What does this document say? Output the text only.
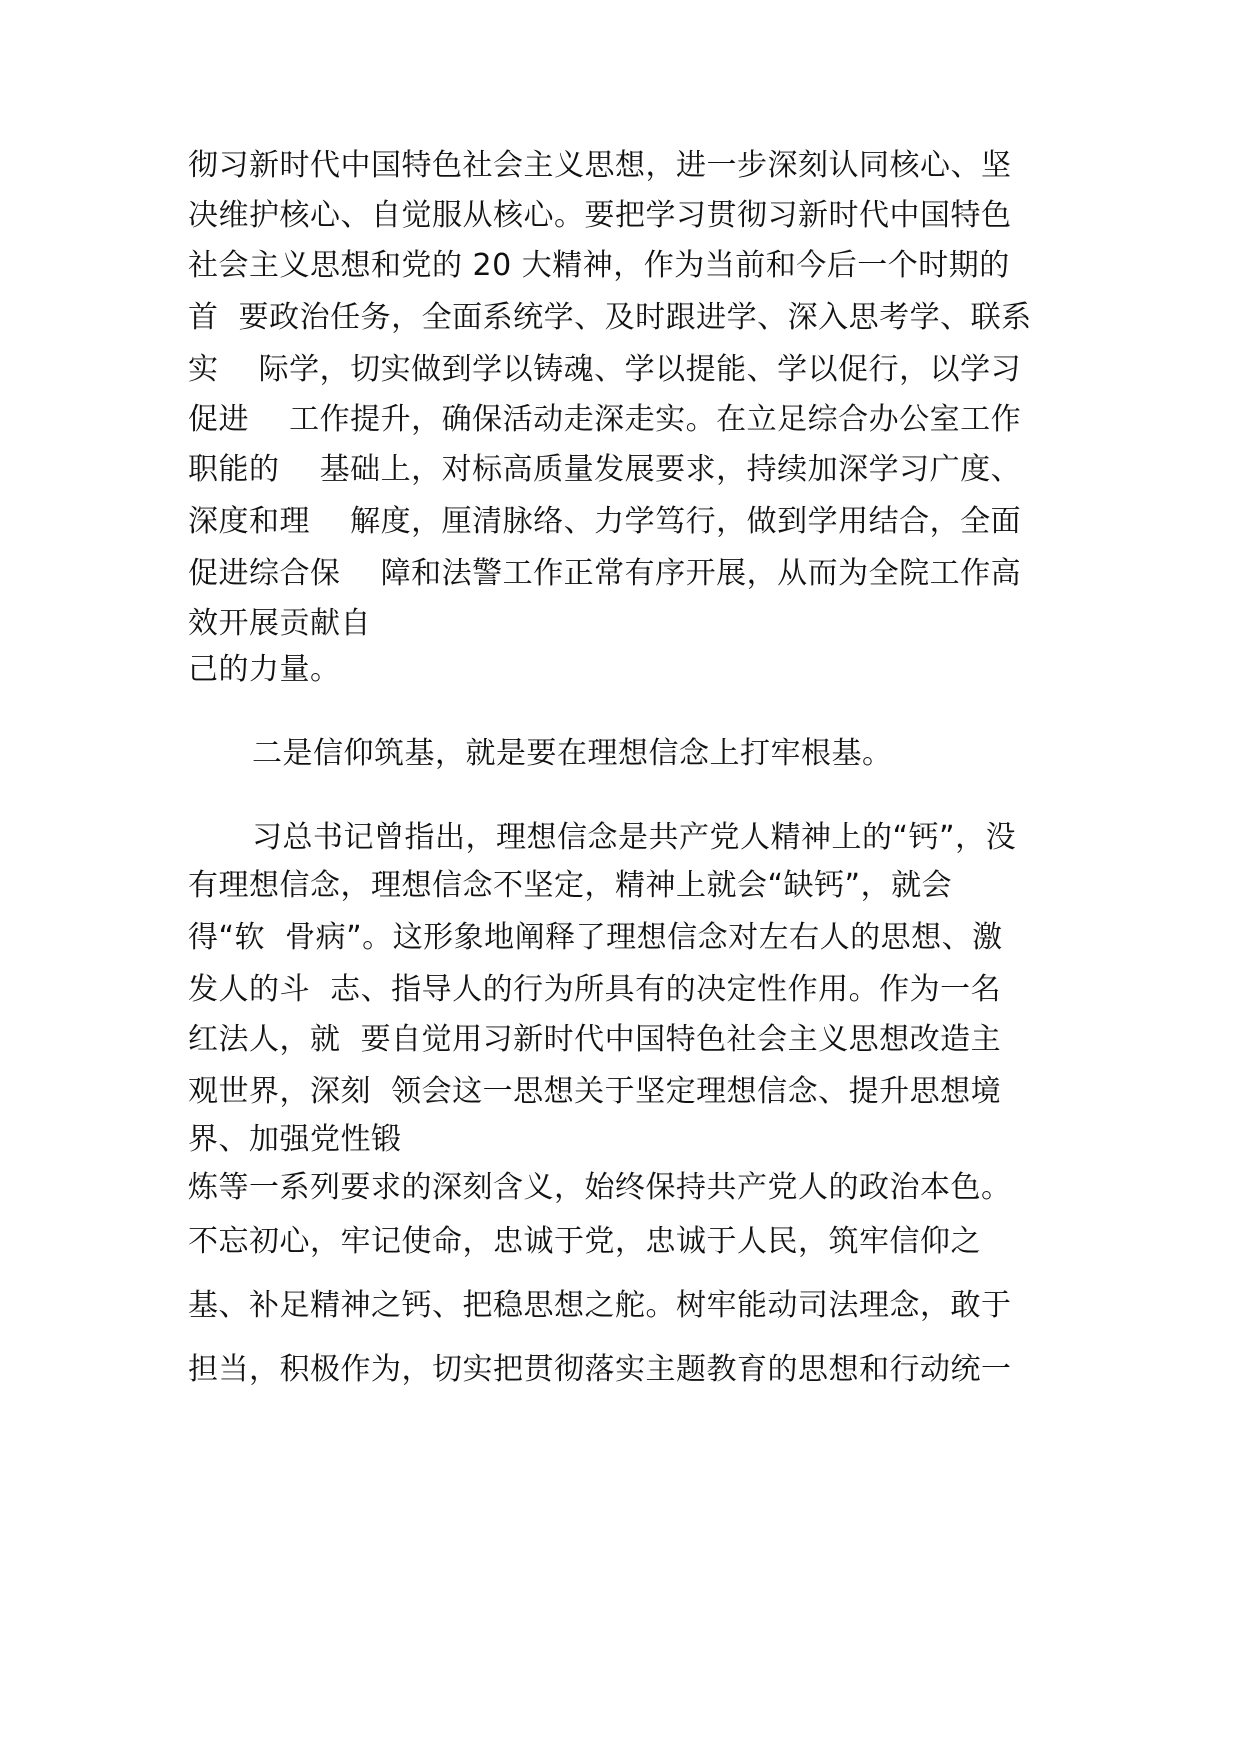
彻习新时代中国特色社会主义思想，进一步深刻认同核心、坚
决维护核心、自觉服从核心。要把学习贯彻习新时代中国特色
社会主义思想和党的 20 大精神，作为当前和今后一个时期的
首  要政治任务，全面系统学、及时跟进学、深入思考学、联系
实    际学，切实做到学以铸魂、学以提能、学以促行，以学习
促进    工作提升，确保活动走深走实。在立足综合办公室工作
职能的    基础上，对标高质量发展要求，持续加深学习广度、
深度和理    解度，厘清脉络、力学笃行，做到学用结合，全面
促进综合保    障和法警工作正常有序开展，从而为全院工作高
效开展贡献自
己的力量。
二是信仰筑基，就是要在理想信念上打牢根基。
习总书记曾指出，理想信念是共产党人精神上的“钙”，没
有理想信念，理想信念不坚定，精神上就会“缺钙”，就会
得“软  骨病”。这形象地阐释了理想信念对左右人的思想、激
发人的斗  志、指导人的行为所具有的决定性作用。作为一名
红法人，就  要自觉用习新时代中国特色社会主义思想改造主
观世界，深刻  领会这一思想关于坚定理想信念、提升思想境
界、加强党性锻
炼等一系列要求的深刻含义，始终保持共产党人的政治本色。
不忘初心，牢记使命，忠诚于党，忠诚于人民，筑牢信仰之
基、补足精神之钙、把稳思想之舵。树牢能动司法理念，敢于
担当，积极作为，切实把贯彻落实主题教育的思想和行动统一
